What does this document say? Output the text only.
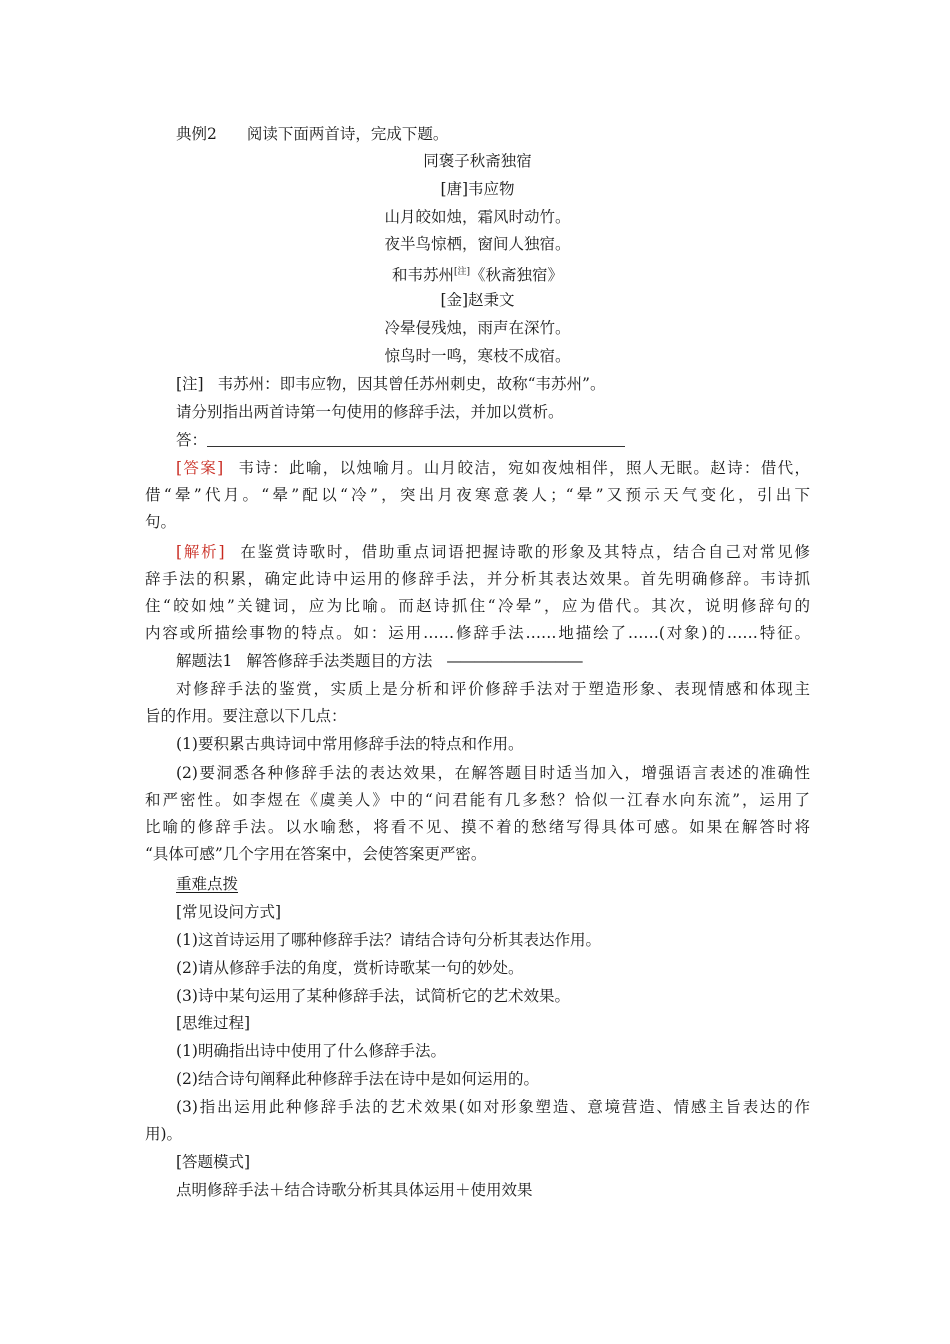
典例2 阅读下面两首诗，完成下题。
同褒子秋斋独宿
[唐]韦应物
山月皎如烛，霜风时动竹。
夜半鸟惊栖，窗间人独宿。
和韦苏州[注]《秋斋独宿》
[金]赵秉文
冷晕侵残烛，雨声在深竹。
惊鸟时一鸣，寒枝不成宿。
[注] 韦苏州：即韦应物，因其曾任苏州刺史，故称“韦苏州”。
请分别指出两首诗第一句使用的修辞手法，并加以赏析。
答：
[答案] 韦诗：此喻，以烛喻月。山月皎洁，宛如夜烛相伴，照人无眠。赵诗：借代，
借“晕”代月。“晕”配以“冷”，突出月夜寒意袭人；“晕”又预示天气变化，引出下
句。
[解析] 在鉴赏诗歌时，借助重点词语把握诗歌的形象及其特点，结合自己对常见修
辞手法的积累，确定此诗中运用的修辞手法，并分析其表达效果。首先明确修辞。韦诗抓
住“皎如烛”关键词，应为比喻。而赵诗抓住“冷晕”，应为借代。其次，说明修辞句的
内容或所描绘事物的特点。如：运用……修辞手法……地描绘了……(对象)的……特征。
解题法1 解答修辞手法类题目的方法 ——————————
对修辞手法的鉴赏，实质上是分析和评价修辞手法对于塑造形象、表现情感和体现主
旨的作用。要注意以下几点：
(1)要积累古典诗词中常用修辞手法的特点和作用。
(2)要洞悉各种修辞手法的表达效果，在解答题目时适当加入，增强语言表述的准确性
和严密性。如李煜在《虞美人》中的“问君能有几多愁？恰似一江春水向东流”，运用了
比喻的修辞手法。以水喻愁，将看不见、摸不着的愁绪写得具体可感。如果在解答时将
“具体可感”几个字用在答案中，会使答案更严密。
重难点拨
[常见设问方式]
(1)这首诗运用了哪种修辞手法？请结合诗句分析其表达作用。
(2)请从修辞手法的角度，赏析诗歌某一句的妙处。
(3)诗中某句运用了某种修辞手法，试简析它的艺术效果。
[思维过程]
(1)明确指出诗中使用了什么修辞手法。
(2)结合诗句阐释此种修辞手法在诗中是如何运用的。
(3)指出运用此种修辞手法的艺术效果(如对形象塑造、意境营造、情感主旨表达的作
用)。
[答题模式]
点明修辞手法＋结合诗歌分析其具体运用＋使用效果
